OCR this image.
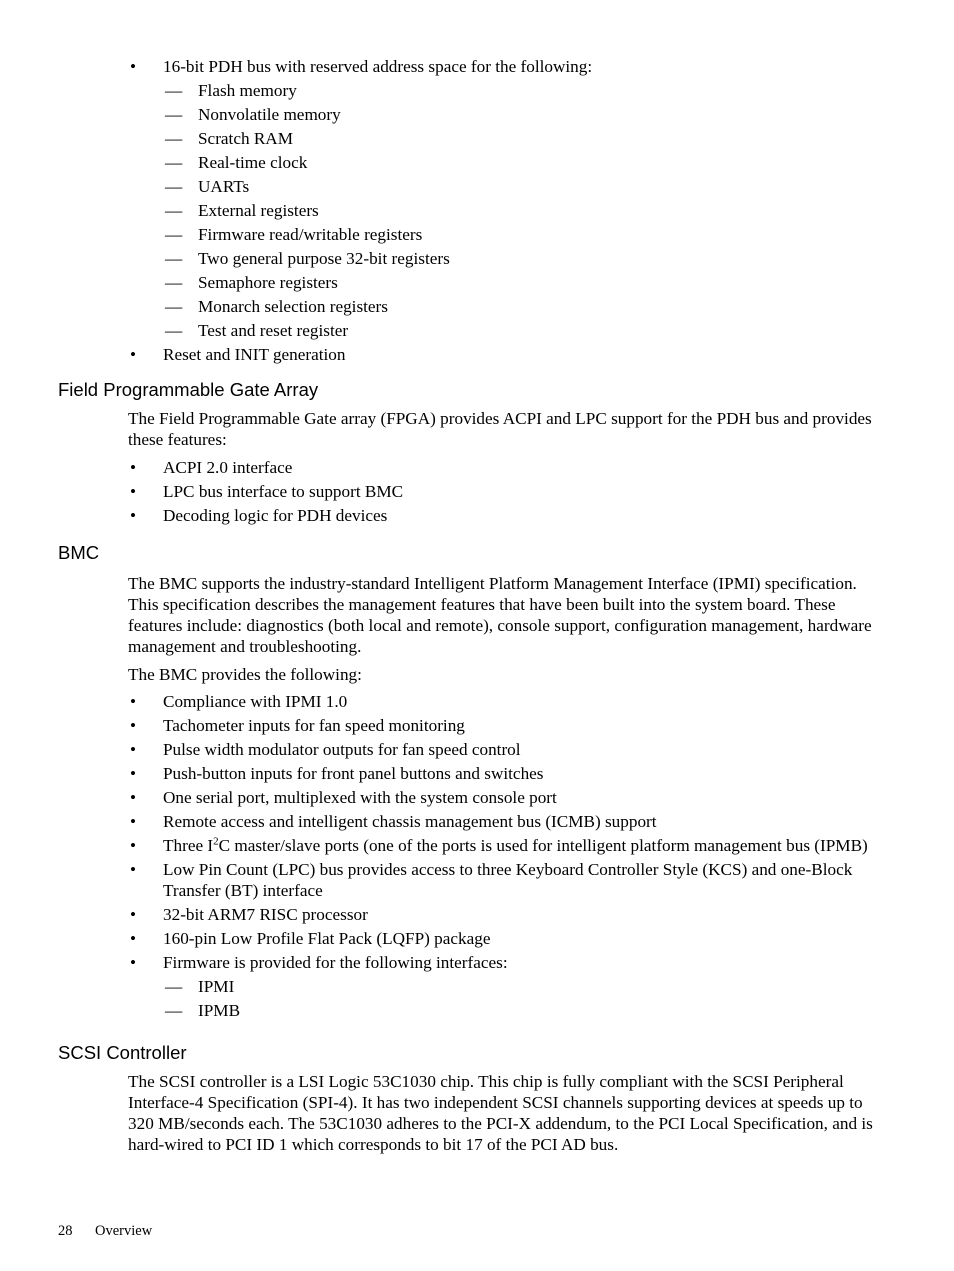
• 16-bit PDH bus with reserved address space for the following:
— Flash memory
— Nonvolatile memory
— Scratch RAM
— Real-time clock
— UARTs
— External registers
— Firmware read/writable registers
— Two general purpose 32-bit registers
— Semaphore registers
— Monarch selection registers
— Test and reset register
• Reset and INIT generation
Field Programmable Gate Array

The Field Programmable Gate array (FPGA) provides ACPI and LPC support for the PDH bus and provides these features:

• ACPI 2.0 interface
• LPC bus interface to support BMC
• Decoding logic for PDH devices
BMC

The BMC supports the industry-standard Intelligent Platform Management Interface (IPMI) specification. This specification describes the management features that have been built into the system board. These features include: diagnostics (both local and remote), console support, configuration management, hardware management and troubleshooting.

The BMC provides the following:

• Compliance with IPMI 1.0
• Tachometer inputs for fan speed monitoring
• Pulse width modulator outputs for fan speed control
• Push-button inputs for front panel buttons and switches
• One serial port, multiplexed with the system console port
• Remote access and intelligent chassis management bus (ICMB) support
• Three $I^2C$ master/slave ports (one of the ports is used for intelligent platform management bus (IPMB)
• Low Pin Count (LPC) bus provides access to three Keyboard Controller Style (KCS) and one-Block Transfer (BT) interface
• 32-bit ARM7 RISC processor
• 160-pin Low Profile Flat Pack (LQFP) package
• Firmware is provided for the following interfaces:
— IPMI
— IPMB
SCSI Controller

The SCSI controller is a LSI Logic 53C1030 chip. This chip is fully compliant with the SCSI Peripheral Interface-4 Specification (SPI-4). It has two independent SCSI channels supporting devices at speeds up to 320 MB/seconds each. The 53C1030 adheres to the PCI-X addendum, to the PCI Local Specification, and is hard-wired to PCI ID 1 which corresponds to bit 17 of the PCI AD bus.

28 Overview
